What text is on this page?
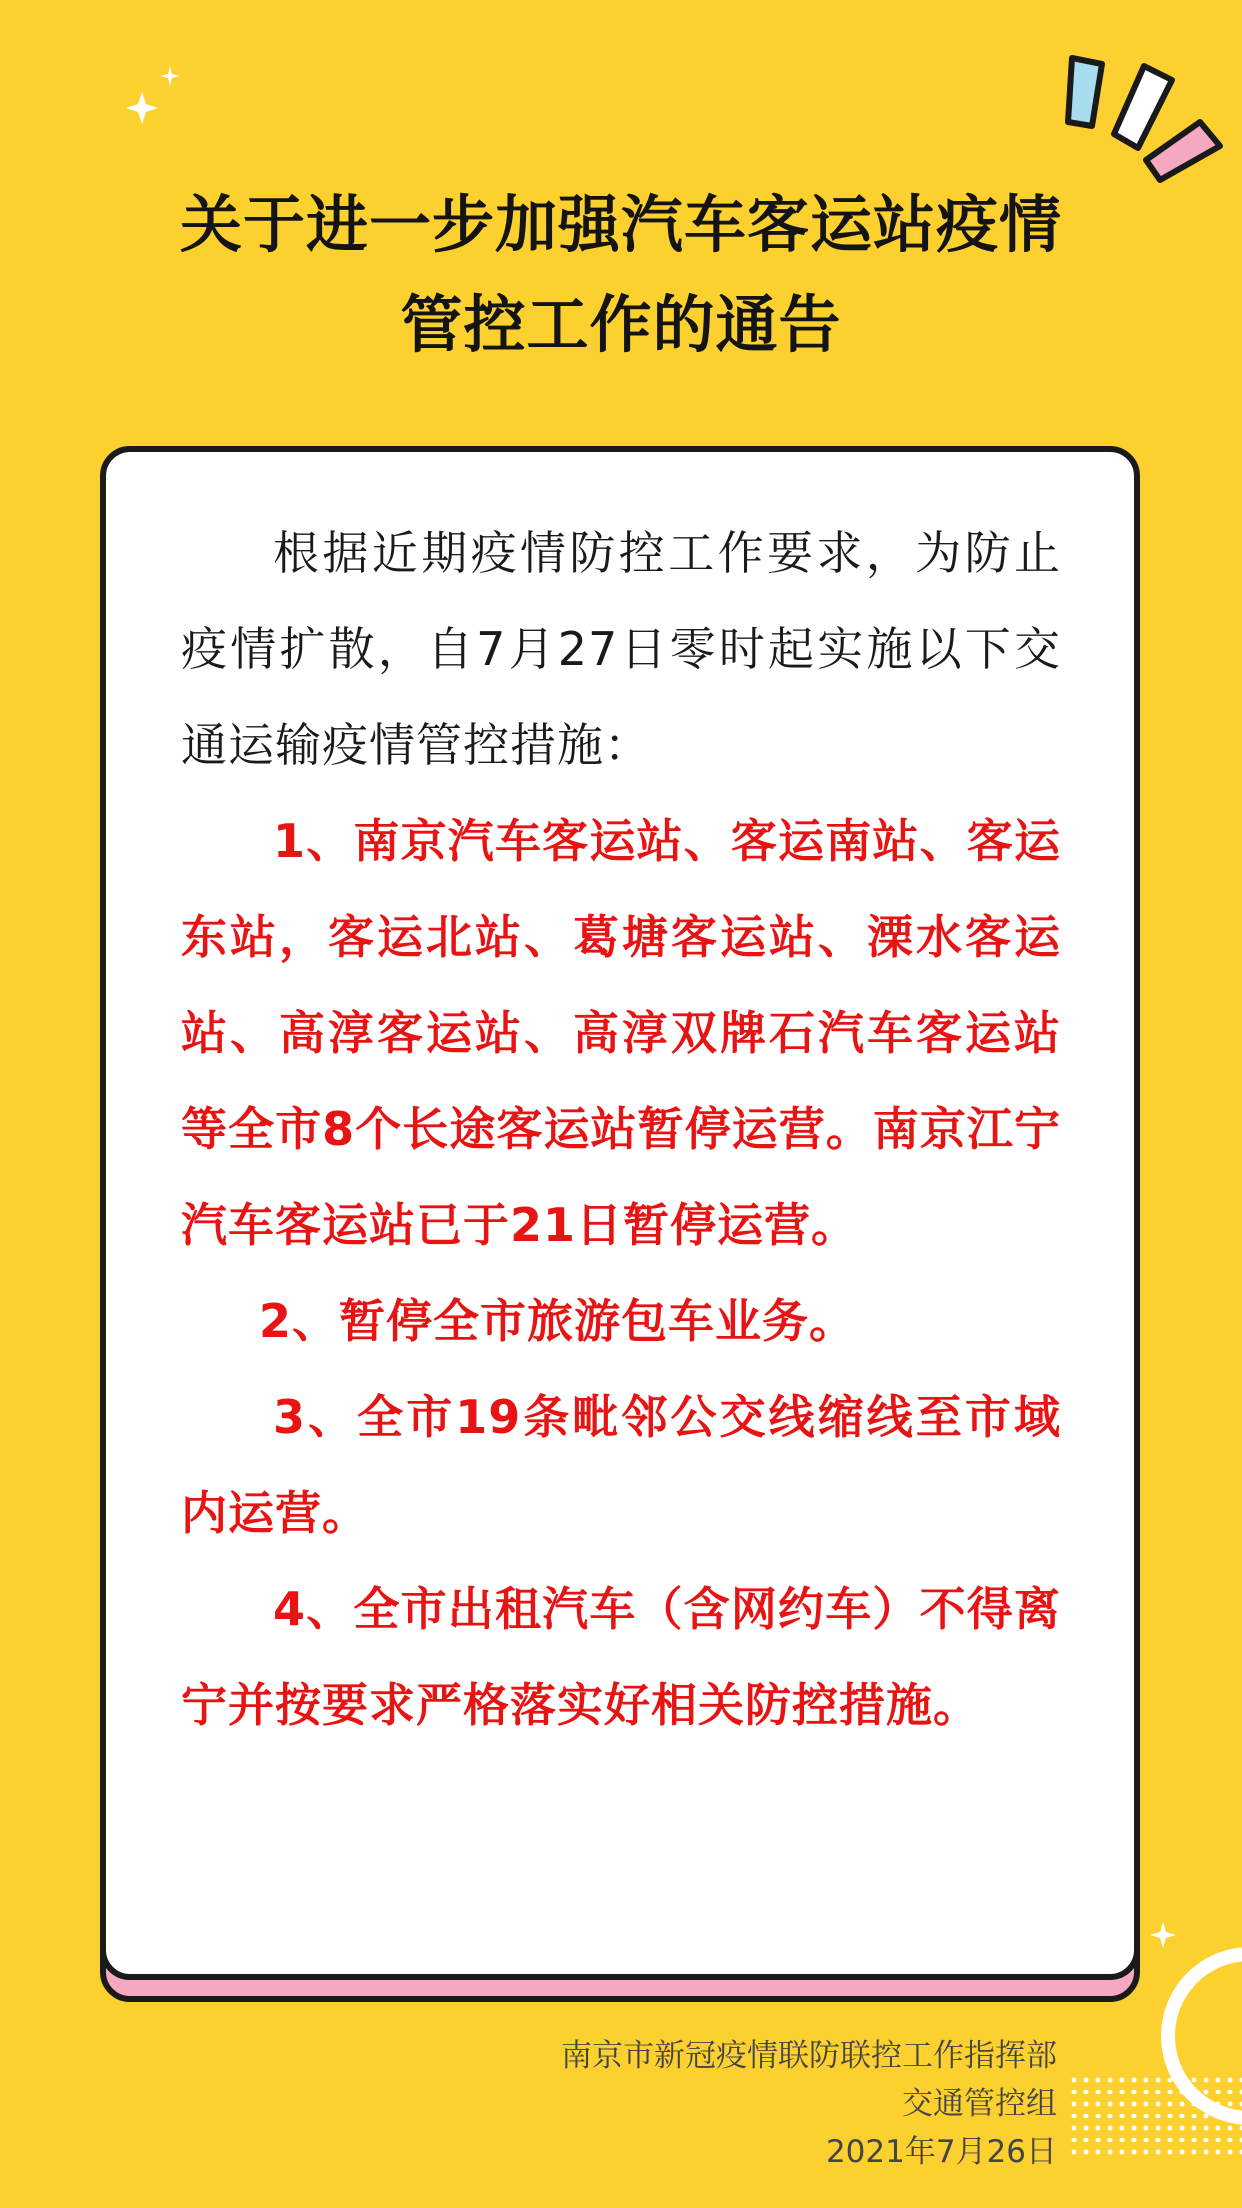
关于进一步加强汽车客运站疫情
管控工作的通告

根据近期疫情防控工作要求，为防止疫情扩散，自7月27日零时起实施以下交通运输疫情管控措施：

1、南京汽车客运站、客运南站、客运东站，客运北站、葛塘客运站、溧水客运站、高淳客运站、高淳双牌石汽车客运站等全市8个长途客运站暂停运营。南京江宁汽车客运站已于21日暂停运营。

2、暂停全市旅游包车业务。

3、全市19条毗邻公交线缩线至市域内运营。

4、全市出租汽车（含网约车）不得离宁并按要求严格落实好相关防控措施。

南京市新冠疫情联防联控工作指挥部
交通管控组
2021年7月26日
